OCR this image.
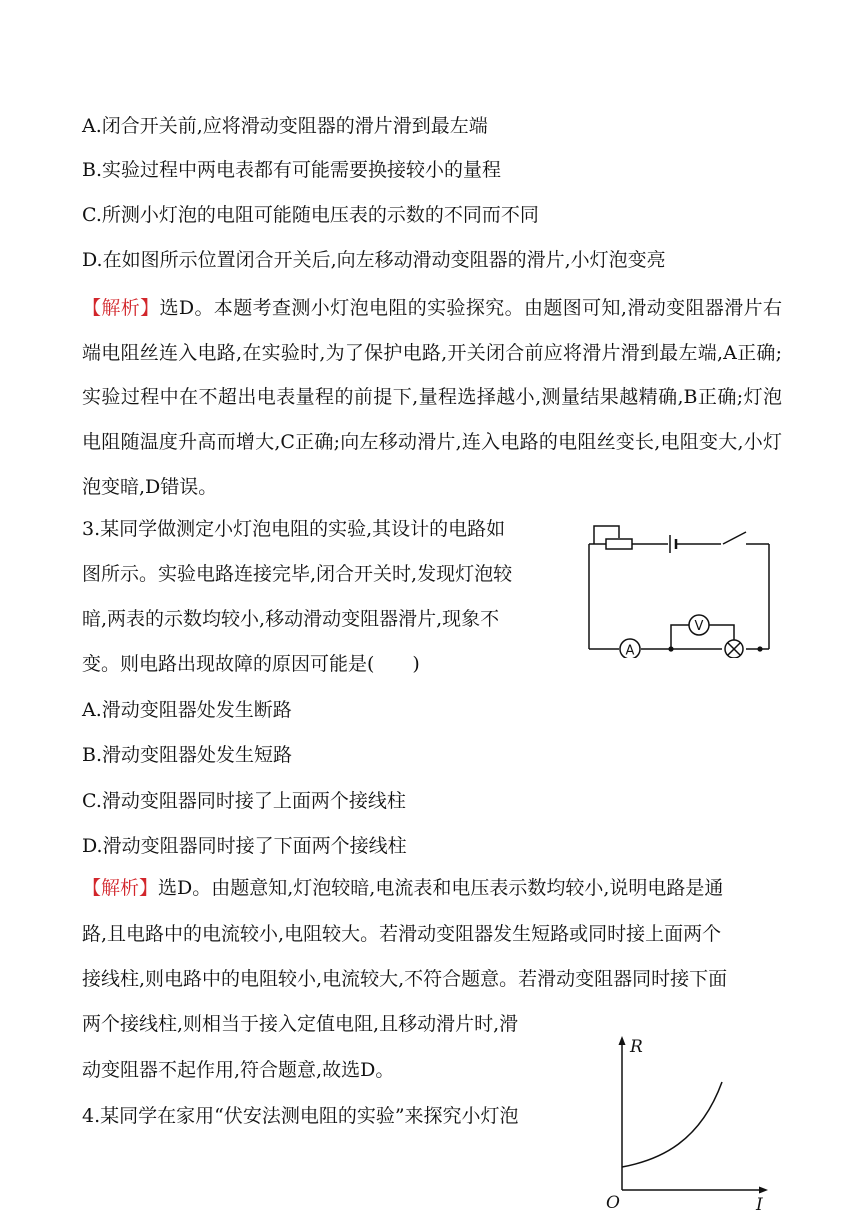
A.闭合开关前,应将滑动变阻器的滑片滑到最左端
B.实验过程中两电表都有可能需要换接较小的量程
C.所测小灯泡的电阻可能随电压表的示数的不同而不同
D.在如图所示位置闭合开关后,向左移动滑动变阻器的滑片,小灯泡变亮
【解析】选D。本题考查测小灯泡电阻的实验探究。由题图可知,滑动变阻器滑片右端电阻丝连入电路,在实验时,为了保护电路,开关闭合前应将滑片滑到最左端,A正确;实验过程中在不超出电表量程的前提下,量程选择越小,测量结果越精确,B正确;灯泡电阻随温度升高而增大,C正确;向左移动滑片,连入电路的电阻丝变长,电阻变大,小灯泡变暗,D错误。
3.某同学做测定小灯泡电阻的实验,其设计的电路如
图所示。实验电路连接完毕,闭合开关时,发现灯泡较
暗,两表的示数均较小,移动滑动变阻器滑片,现象不
变。则电路出现故障的原因可能是(　　)
A
V
A.滑动变阻器处发生断路
B.滑动变阻器处发生短路
C.滑动变阻器同时接了上面两个接线柱
D.滑动变阻器同时接了下面两个接线柱
【解析】选D。由题意知,灯泡较暗,电流表和电压表示数均较小,说明电路是通
路,且电路中的电流较小,电阻较大。若滑动变阻器发生短路或同时接上面两个
接线柱,则电路中的电阻较小,电流较大,不符合题意。若滑动变阻器同时接下面
两个接线柱,则相当于接入定值电阻,且移动滑片时,滑
动变阻器不起作用,符合题意,故选D。
4.某同学在家用“伏安法测电阻的实验”来探究小灯泡
R
I
O
